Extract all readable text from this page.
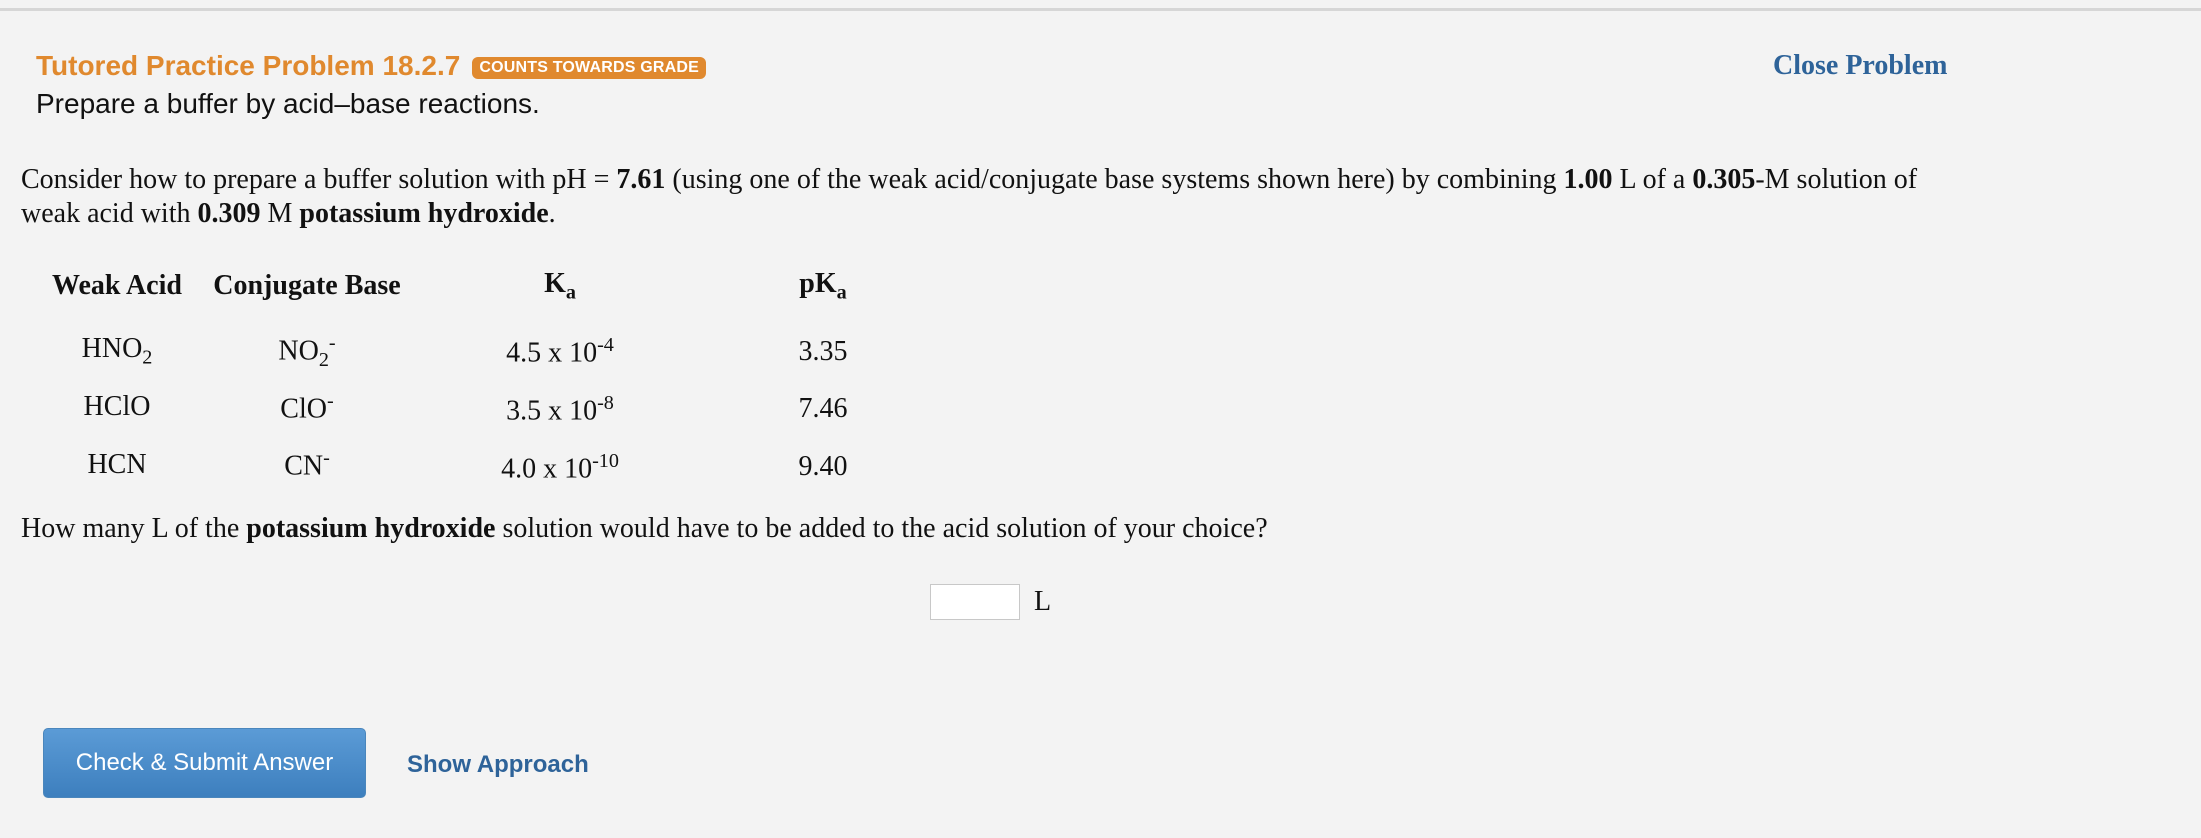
Tutored Practice Problem 18.2.7	COUNTS TOWARDS GRADE
Prepare a buffer by acid–base reactions.
Close Problem
Consider how to prepare a buffer solution with pH = 7.61 (using one of the weak acid/conjugate base systems shown here) by combining 1.00 L of a 0.305-M solution of weak acid with 0.309 M potassium hydroxide.
Weak Acid	Conjugate Base	$K_a$	$pK_a$
$HNO_2$	$NO_2^-$	4.5 x $10^{-4}$	3.35
HClO	ClO-	3.5 x $10^{-8}$	7.46
HCN	CN-	4.0 x $10^{-10}$	9.40
How many L of the potassium hydroxide solution would have to be added to the acid solution of your choice?
L
Check & Submit Answer	Show Approach
